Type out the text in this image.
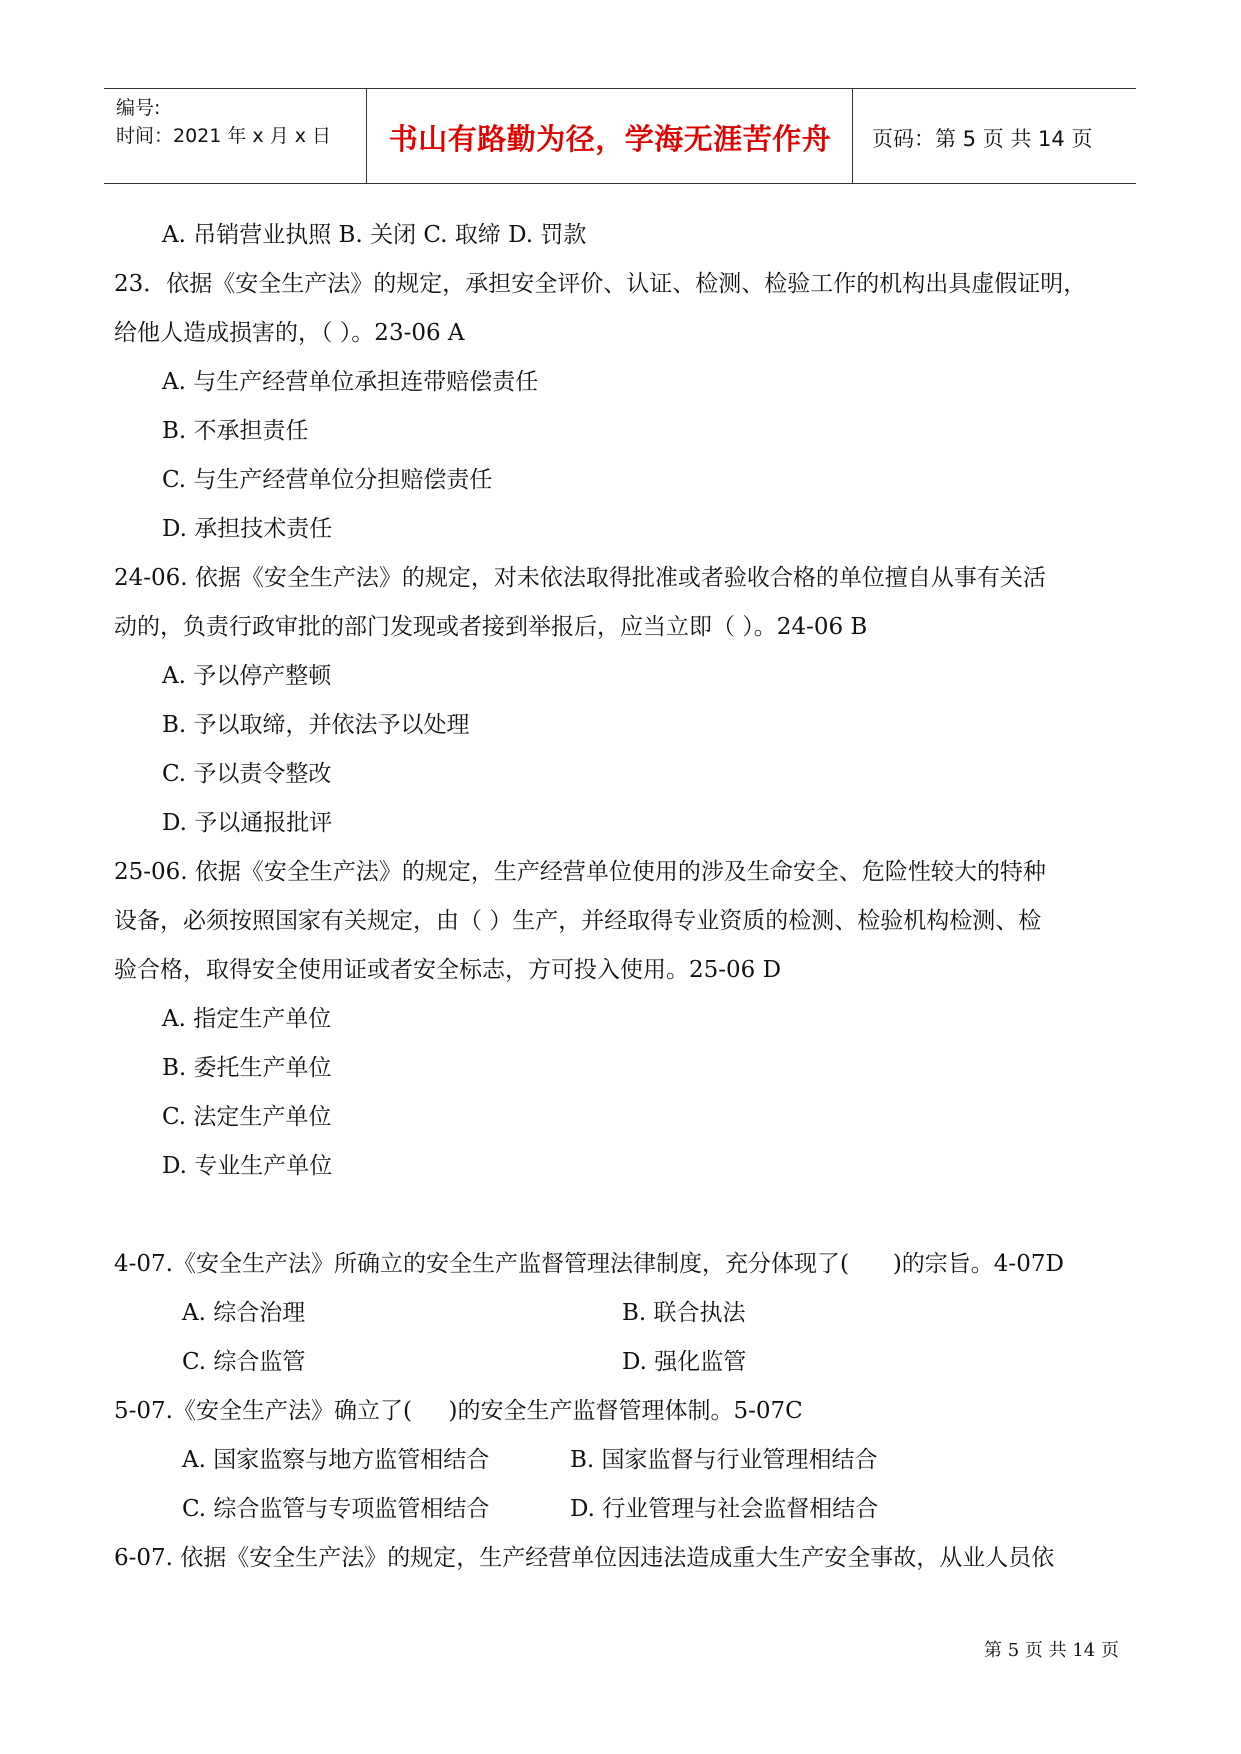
编号:
时间：2021 年 x 月 x 日	书山有路勤为径，学海无涯苦作舟	页码：第 5 页 共 14 页
A. 吊销营业执照 B. 关闭 C. 取缔 D. 罚款
23．依据《安全生产法》的规定，承担安全评价、认证、检测、检验工作的机构出具虚假证明，
给他人造成损害的，（ ）。23-06 A
A. 与生产经营单位承担连带赔偿责任
B. 不承担责任
C. 与生产经营单位分担赔偿责任
D. 承担技术责任
24-06. 依据《安全生产法》的规定，对未依法取得批准或者验收合格的单位擅自从事有关活
动的，负责行政审批的部门发现或者接到举报后，应当立即（ ）。24-06 B
A. 予以停产整顿
B. 予以取缔，并依法予以处理
C. 予以责令整改
D. 予以通报批评
25-06. 依据《安全生产法》的规定，生产经营单位使用的涉及生命安全、危险性较大的特种
设备，必须按照国家有关规定，由（ ）生产，并经取得专业资质的检测、检验机构检测、检
验合格，取得安全使用证或者安全标志，方可投入使用。25-06 D
A. 指定生产单位
B. 委托生产单位
C. 法定生产单位
D. 专业生产单位
4-07.《安全生产法》所确立的安全生产监督管理法律制度，充分体现了(      )的宗旨。4-07D
A. 综合治理	B. 联合执法
C. 综合监管	D. 强化监管
5-07.《安全生产法》确立了(     )的安全生产监督管理体制。5-07C
A. 国家监察与地方监管相结合	B. 国家监督与行业管理相结合
C. 综合监管与专项监管相结合	D. 行业管理与社会监督相结合
6-07. 依据《安全生产法》的规定，生产经营单位因违法造成重大生产安全事故，从业人员依
第 5 页 共 14 页
